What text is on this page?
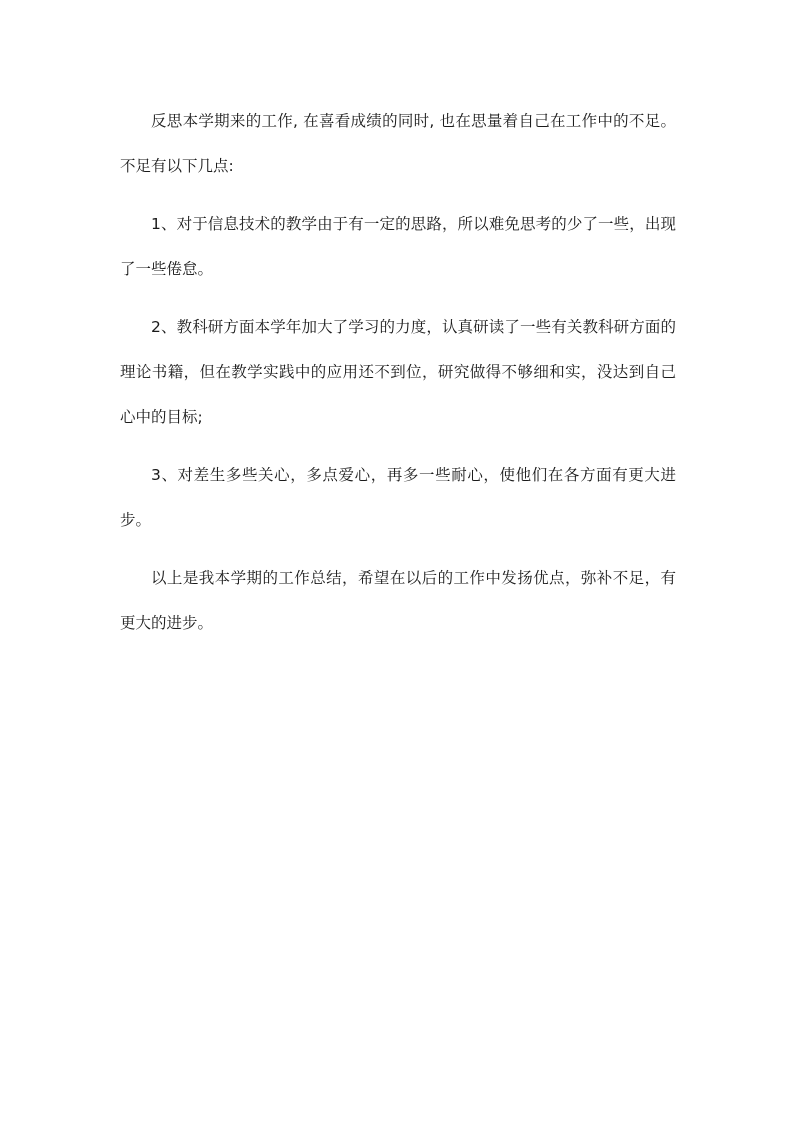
反思本学期来的工作, 在喜看成绩的同时, 也在思量着自己在工作中的不足。不足有以下几点:

1、对于信息技术的教学由于有一定的思路，所以难免思考的少了一些，出现了一些倦怠。

2、教科研方面本学年加大了学习的力度，认真研读了一些有关教科研方面的理论书籍，但在教学实践中的应用还不到位，研究做得不够细和实，没达到自己心中的目标;

3、对差生多些关心，多点爱心，再多一些耐心，使他们在各方面有更大进步。

以上是我本学期的工作总结，希望在以后的工作中发扬优点，弥补不足，有更大的进步。
